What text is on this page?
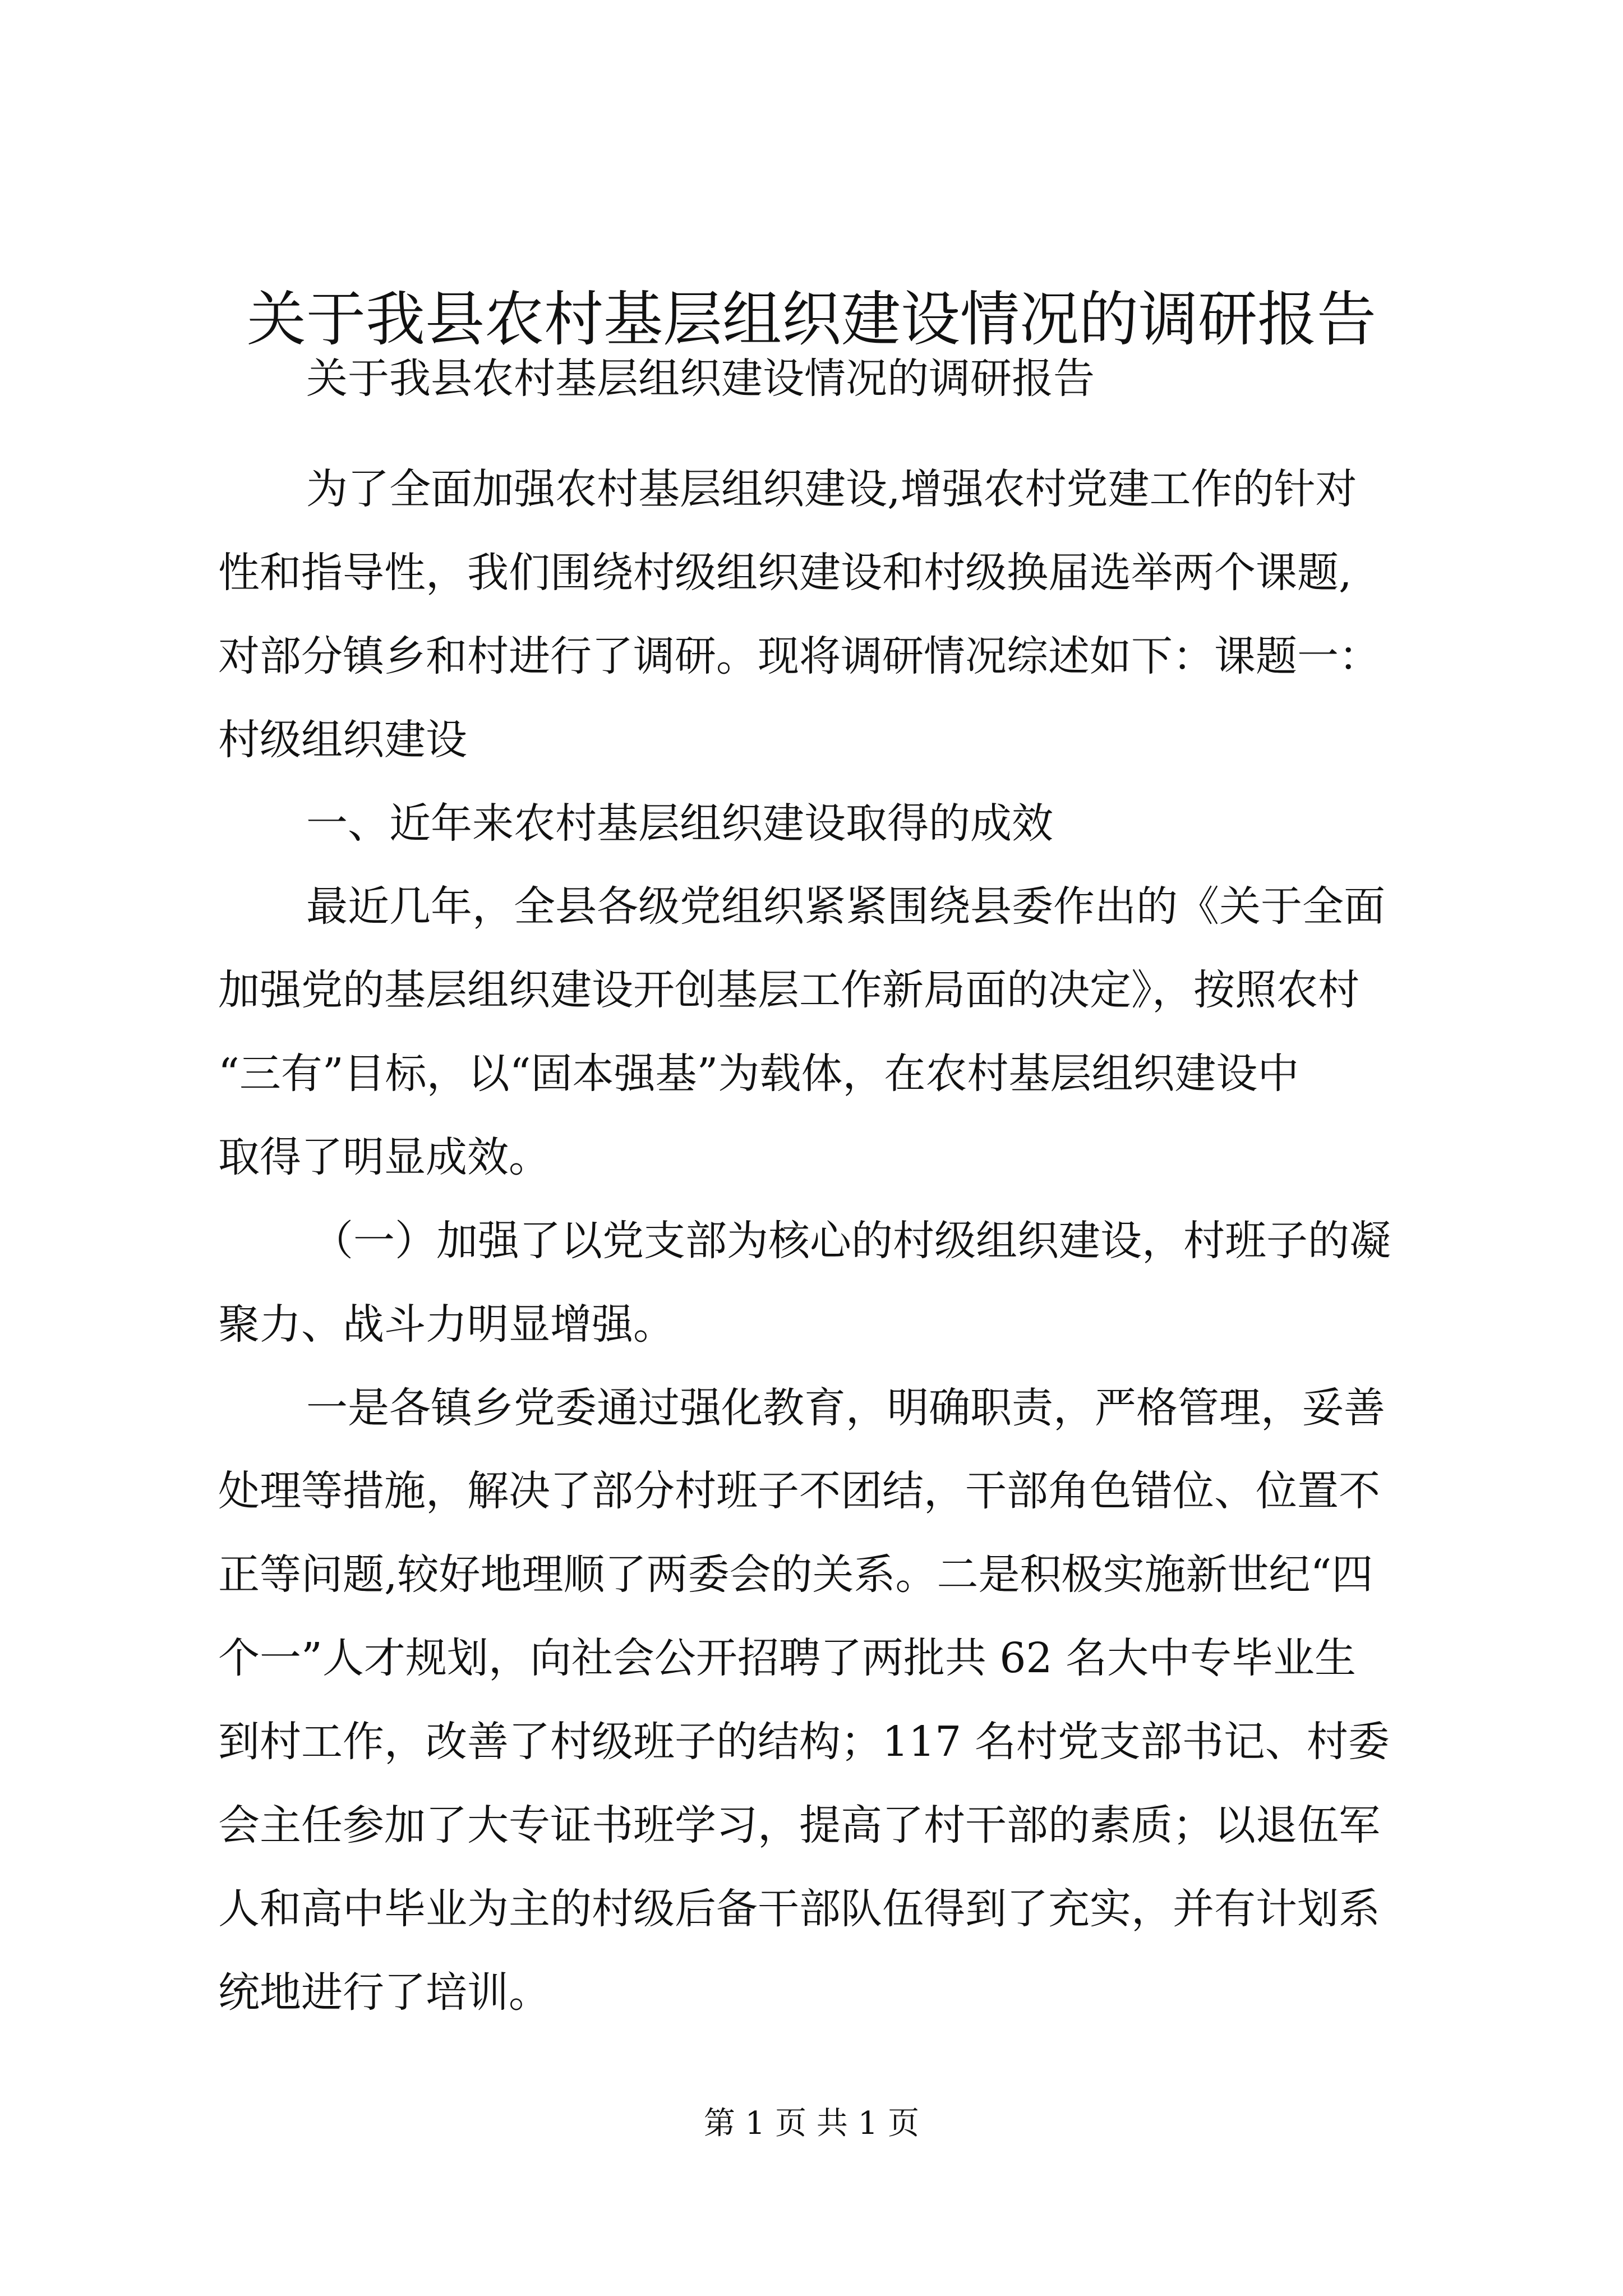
关于我县农村基层组织建设情况的调研报告

关于我县农村基层组织建设情况的调研报告

为了全面加强农村基层组织建设,增强农村党建工作的针对

性和指导性，我们围绕村级组织建设和村级换届选举两个课题,

对部分镇乡和村进行了调研。现将调研情况综述如下：课题一：

村级组织建设

一、近年来农村基层组织建设取得的成效

最近几年，全县各级党组织紧紧围绕县委作出的《关于全面

加强党的基层组织建设开创基层工作新局面的决定》，按照农村

“三有”目标，以“固本强基”为载体，在农村基层组织建设中

取得了明显成效。

（一）加强了以党支部为核心的村级组织建设，村班子的凝

聚力、战斗力明显增强。

一是各镇乡党委通过强化教育，明确职责，严格管理，妥善

处理等措施，解决了部分村班子不团结，干部角色错位、位置不

正等问题,较好地理顺了两委会的关系。二是积极实施新世纪“四

个一”人才规划，向社会公开招聘了两批共 62 名大中专毕业生

到村工作，改善了村级班子的结构；117 名村党支部书记、村委

会主任参加了大专证书班学习，提高了村干部的素质；以退伍军

人和高中毕业为主的村级后备干部队伍得到了充实，并有计划系

统地进行了培训。

第 1 页 共 1 页
